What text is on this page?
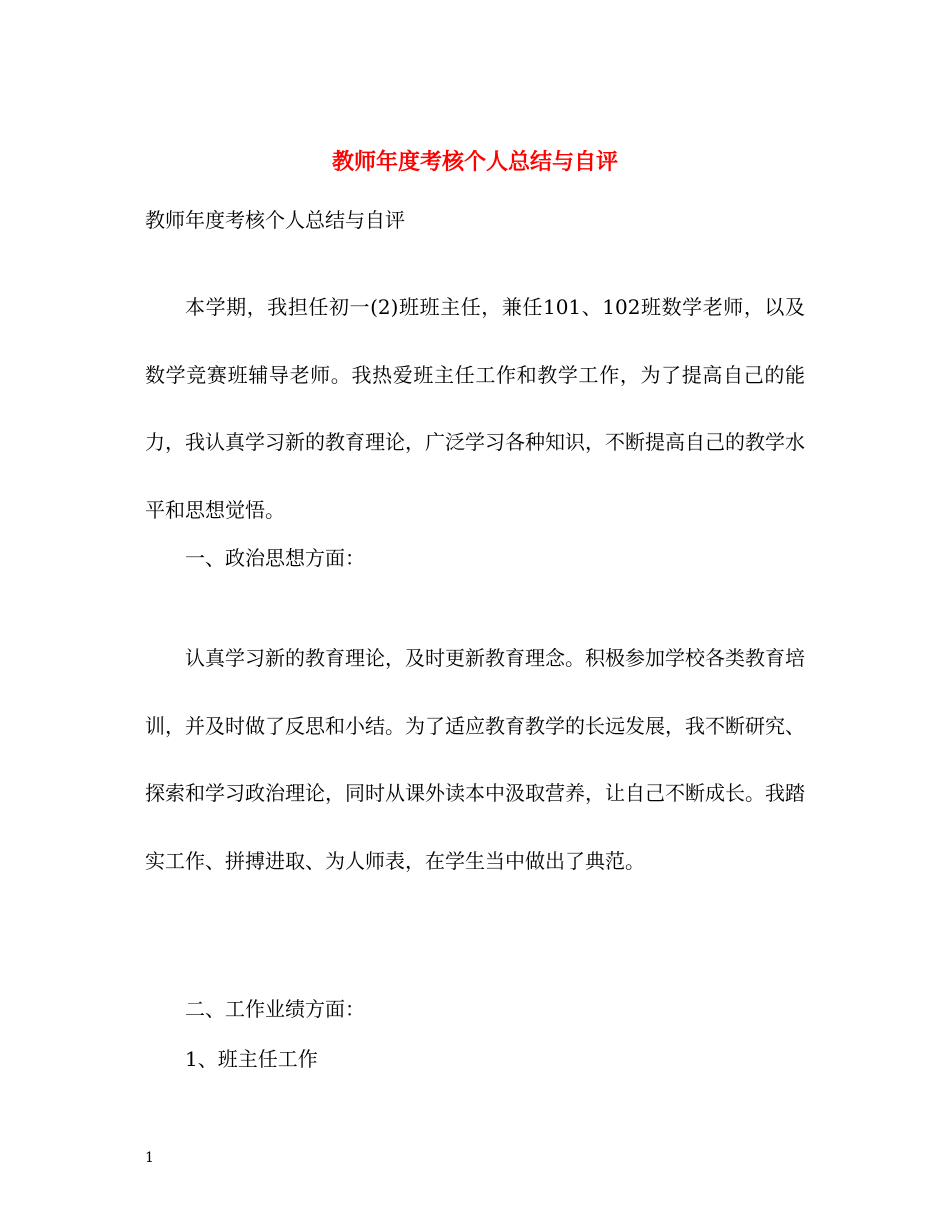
教师年度考核个人总结与自评

教师年度考核个人总结与自评

本学期，我担任初一(2)班班主任，兼任101、102班数学老师，以及数学竞赛班辅导老师。我热爱班主任工作和教学工作，为了提高自己的能力，我认真学习新的教育理论，广泛学习各种知识，不断提高自己的教学水平和思想觉悟。

一、政治思想方面：

认真学习新的教育理论，及时更新教育理念。积极参加学校各类教育培训，并及时做了反思和小结。为了适应教育教学的长远发展，我不断研究、探索和学习政治理论，同时从课外读本中汲取营养，让自己不断成长。我踏实工作、拼搏进取、为人师表，在学生当中做出了典范。

二、工作业绩方面：

1、班主任工作

1
